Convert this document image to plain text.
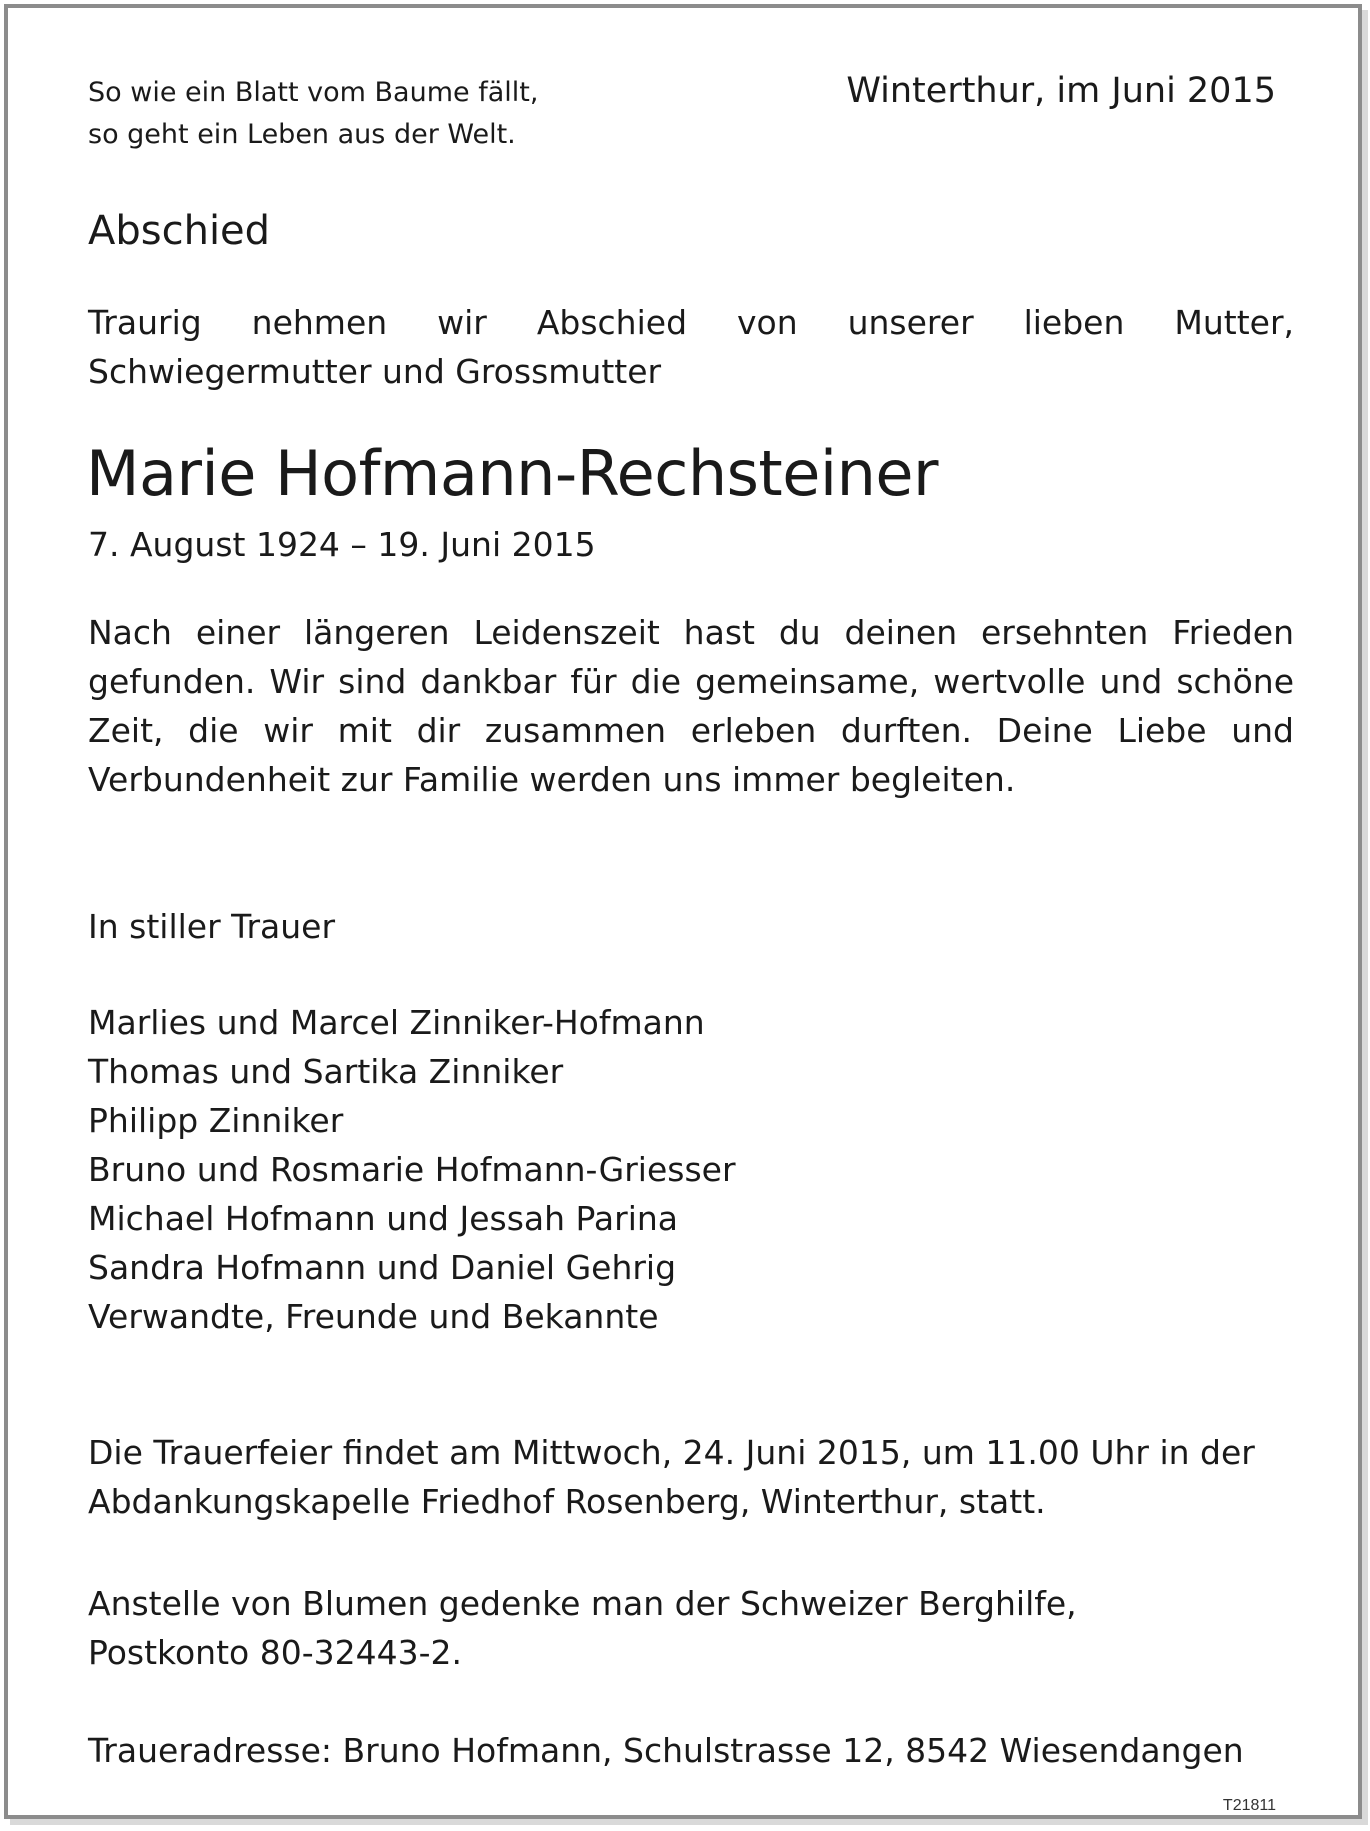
So wie ein Blatt vom Baume fällt,
so geht ein Leben aus der Welt.
Winterthur, im Juni 2015
Abschied
Traurig nehmen wir Abschied von unserer lieben Mutter, Schwiegermutter und Grossmutter
Marie Hofmann-Rechsteiner
7. August 1924 – 19. Juni 2015
Nach einer längeren Leidenszeit hast du deinen ersehnten Frieden gefunden. Wir sind dankbar für die gemeinsame, wertvolle und schöne Zeit, die wir mit dir zusammen erleben durften. Deine Liebe und Verbundenheit zur Familie werden uns immer begleiten.
In stiller Trauer
Marlies und Marcel Zinniker-Hofmann
Thomas und Sartika Zinniker
Philipp Zinniker
Bruno und Rosmarie Hofmann-Griesser
Michael Hofmann und Jessah Parina
Sandra Hofmann und Daniel Gehrig
Verwandte, Freunde und Bekannte
Die Trauerfeier findet am Mittwoch, 24. Juni 2015, um 11.00 Uhr in der
Abdankungskapelle Friedhof Rosenberg, Winterthur, statt.
Anstelle von Blumen gedenke man der Schweizer Berghilfe,
Postkonto 80-32443-2.
Traueradresse: Bruno Hofmann, Schulstrasse 12, 8542 Wiesendangen
T21811
